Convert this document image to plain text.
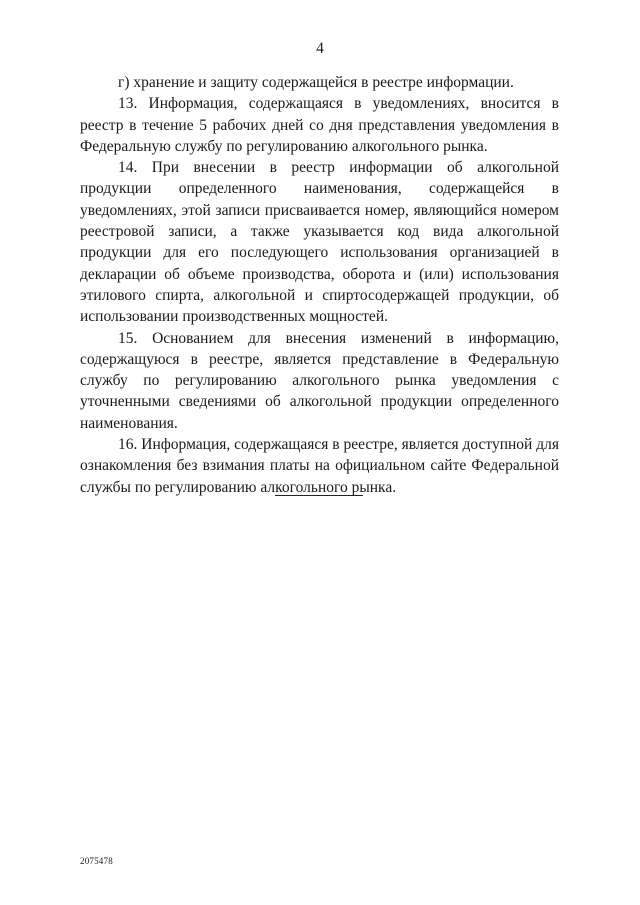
4

г) хранение и защиту содержащейся в реестре информации.

13. Информация, содержащаяся в уведомлениях, вносится в реестр в течение 5 рабочих дней со дня представления уведомления в Федеральную службу по регулированию алкогольного рынка.

14. При внесении в реестр информации об алкогольной продукции определенного наименования, содержащейся в уведомлениях, этой записи присваивается номер, являющийся номером реестровой записи, а также указывается код вида алкогольной продукции для его последующего использования организацией в декларации об объеме производства, оборота и (или) использования этилового спирта, алкогольной и спиртосодержащей продукции, об использовании производственных мощностей.

15. Основанием для внесения изменений в информацию, содержащуюся в реестре, является представление в Федеральную службу по регулированию алкогольного рынка уведомления с уточненными сведениями об алкогольной продукции определенного наименования.

16. Информация, содержащаяся в реестре, является доступной для ознакомления без взимания платы на официальном сайте Федеральной службы по регулированию алкогольного рынка.

2075478
